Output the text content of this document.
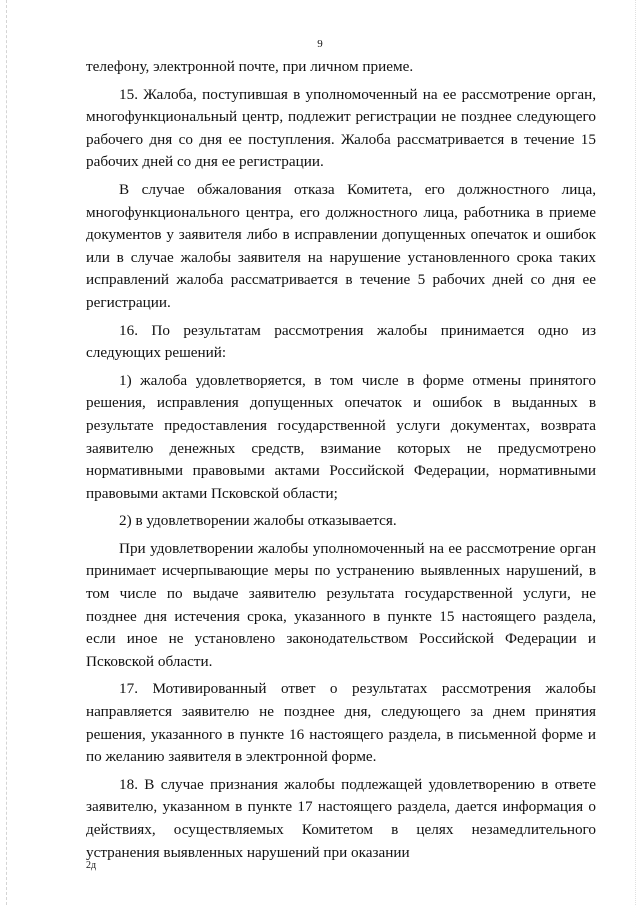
9

телефону, электронной почте, при личном приеме.

15. Жалоба, поступившая в уполномоченный на ее рассмотрение орган, многофункциональный центр, подлежит регистрации не позднее следующего рабочего дня со дня ее поступления. Жалоба рассматривается в течение 15 рабочих дней со дня ее регистрации.

В случае обжалования отказа Комитета, его должностного лица, многофункционального центра, его должностного лица, работника в приеме документов у заявителя либо в исправлении допущенных опечаток и ошибок или в случае жалобы заявителя на нарушение установленного срока таких исправлений жалоба рассматривается в течение 5 рабочих дней со дня ее регистрации.

16. По результатам рассмотрения жалобы принимается одно из следующих решений:

1) жалоба удовлетворяется, в том числе в форме отмены принятого решения, исправления допущенных опечаток и ошибок в выданных в результате предоставления государственной услуги документах, возврата заявителю денежных средств, взимание которых не предусмотрено нормативными правовыми актами Российской Федерации, нормативными правовыми актами Псковской области;

2) в удовлетворении жалобы отказывается.

При удовлетворении жалобы уполномоченный на ее рассмотрение орган принимает исчерпывающие меры по устранению выявленных нарушений, в том числе по выдаче заявителю результата государственной услуги, не позднее дня истечения срока, указанного в пункте 15 настоящего раздела, если иное не установлено законодательством Российской Федерации и Псковской области.

17. Мотивированный ответ о результатах рассмотрения жалобы направляется заявителю не позднее дня, следующего за днем принятия решения, указанного в пункте 16 настоящего раздела, в письменной форме и по желанию заявителя в электронной форме.

18. В случае признания жалобы подлежащей удовлетворению в ответе заявителю, указанном в пункте 17 настоящего раздела, дается информация о действиях, осуществляемых Комитетом в целях незамедлительного устранения выявленных нарушений при оказании

2д
